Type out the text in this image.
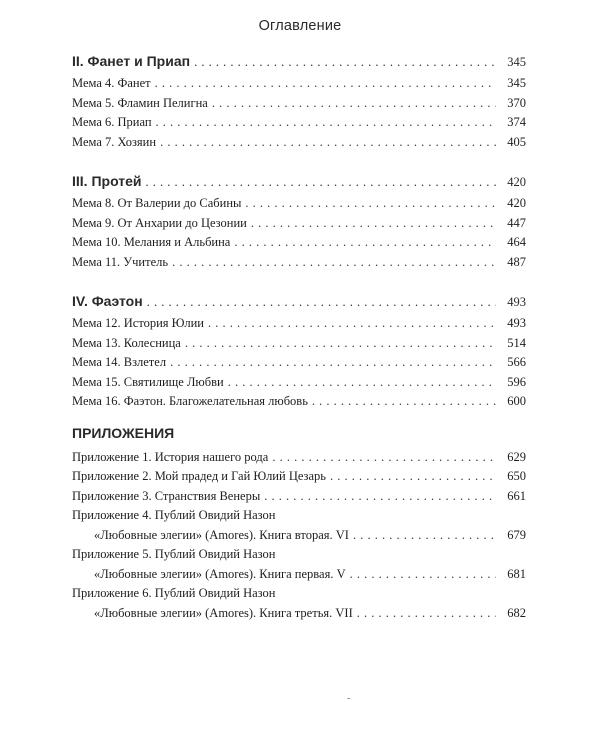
Оглавление
II. Фанет и Приап . . .	345
Мема 4. Фанет . . .	345
Мема 5. Фламин Пелигна . . .	370
Мема 6. Приап . . .	374
Мема 7. Хозяин . . .	405
III. Протей . . .	420
Мема 8. От Валерии до Сабины . . .	420
Мема 9. От Анхарии до Цезонии . . .	447
Мема 10. Мелания и Альбина . . .	464
Мема 11. Учитель . . .	487
IV. Фаэтон . . .	493
Мема 12. История Юлии . . .	493
Мема 13. Колесница . . .	514
Мема 14. Взлетел . . .	566
Мема 15. Святилище Любви . . .	596
Мема 16. Фаэтон. Благожелательная любовь . . .	600
ПРИЛОЖЕНИЯ
Приложение 1. История нашего рода . . .	629
Приложение 2. Мой прадед и Гай Юлий Цезарь . . .	650
Приложение 3. Странствия Венеры . . .	661
Приложение 4. Публий Овидий Назон
«Любовные элегии» (Amores). Книга вторая. VI . . .	679
Приложение 5. Публий Овидий Назон
«Любовные элегии» (Amores). Книга первая. V . . .	681
Приложение 6. Публий Овидий Назон
«Любовные элегии» (Amores). Книга третья. VII . . .	682
-
